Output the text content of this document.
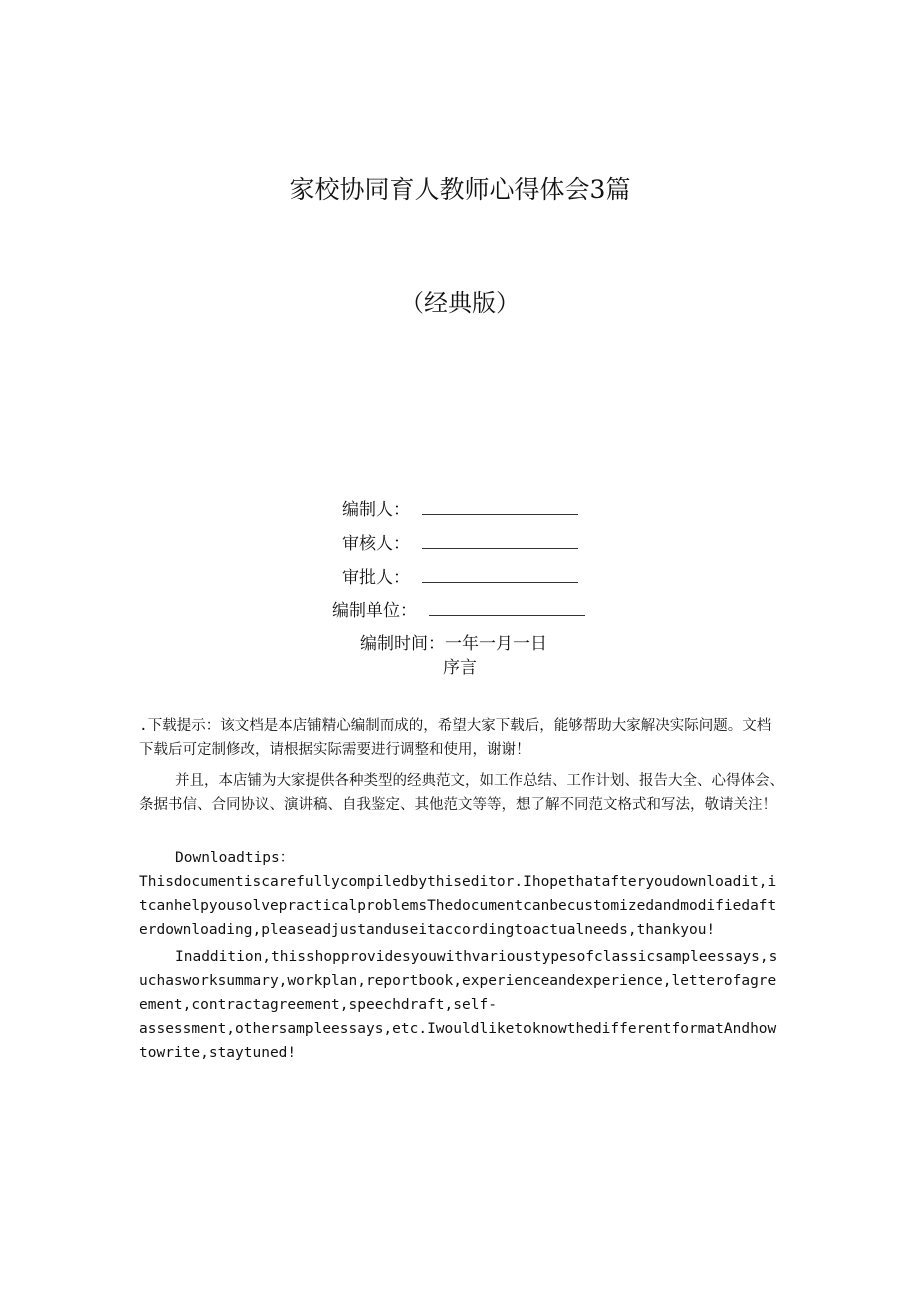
家校协同育人教师心得体会3篇
（经典版）
编制人：
审核人：
审批人：
编制单位：
编制时间：一年一月一日
序言
.下载提示：该文档是本店铺精心编制而成的，希望大家下载后，能够帮助大家解决实际问题。文档下载后可定制修改，请根据实际需要进行调整和使用，谢谢！
并且，本店铺为大家提供各种类型的经典范文，如工作总结、工作计划、报告大全、心得体会、条据书信、合同协议、演讲稿、自我鉴定、其他范文等等，想了解不同范文格式和写法，敬请关注！
Downloadtips：
Thisdocumentiscarefullycompiledbythiseditor.Ihopethatafteryoudownloadit,itcanhelpyousolvepracticalproblemsThedocumentcanbecustomizedandmodifiedafterdownloading,pleaseadjustanduseitaccordingtoactualneeds,thankyou!
Inaddition,thisshopprovidesyouwithvarioustypesofclassicsampleessays,suchasworksummary,workplan,reportbook,experienceandexperience,letterofagreement,contractagreement,speechdraft,self-
assessment,othersampleessays,etc.IwouldliketoknowthedifferentformatAndhowtowrite,staytuned!
